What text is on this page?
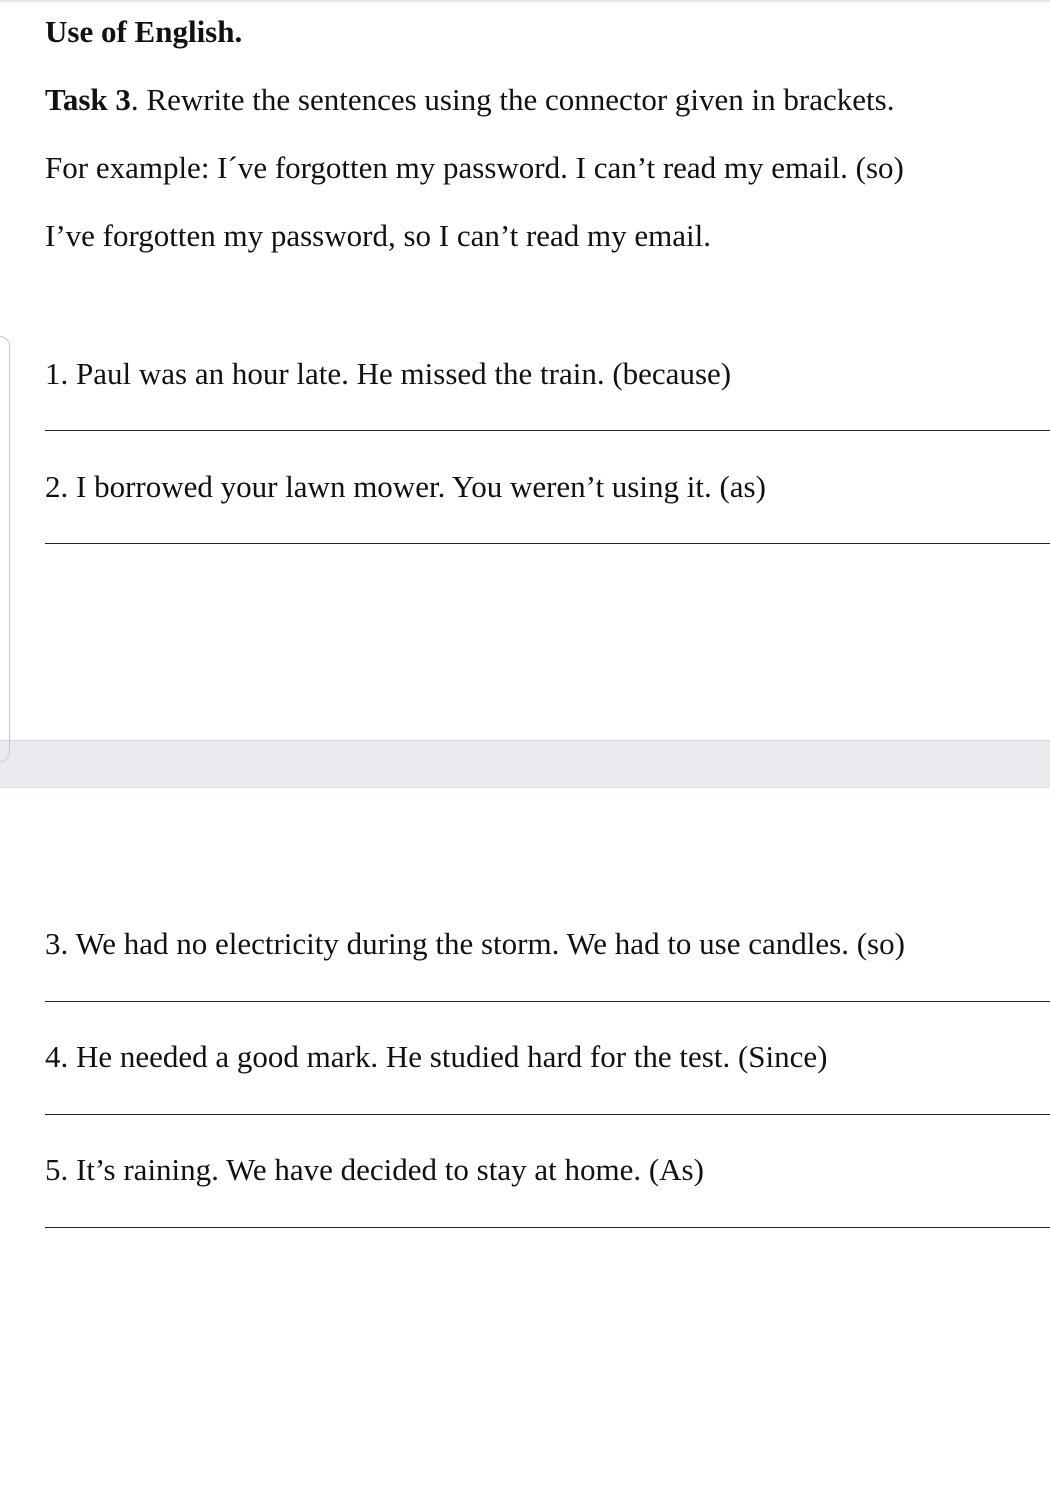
Use of English.

Task 3. Rewrite the sentences using the connector given in brackets.

For example: I´ve forgotten my password. I can’t read my email. (so)

I’ve forgotten my password, so I can’t read my email.

1. Paul was an hour late. He missed the train. (because)

2. I borrowed your lawn mower. You weren’t using it. (as)

3. We had no electricity during the storm. We had to use candles. (so)

4. He needed a good mark. He studied hard for the test. (Since)

5. It’s raining. We have decided to stay at home. (As)
